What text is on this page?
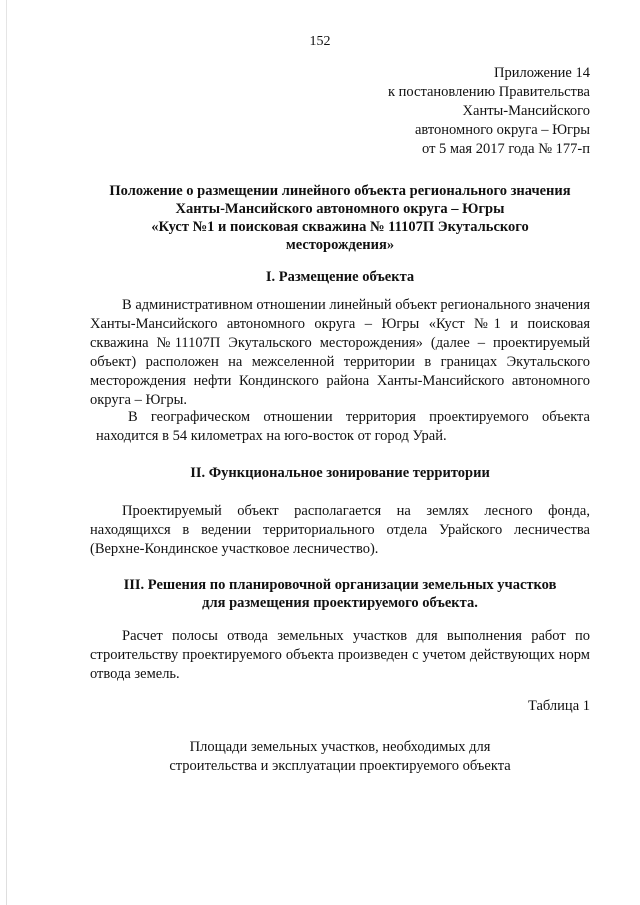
152
Приложение 14
к постановлению Правительства
Ханты-Мансийского
автономного округа – Югры
от 5 мая 2017 года № 177-п
Положение о размещении линейного объекта регионального значения
Ханты-Мансийского автономного округа – Югры
«Куст №1 и поисковая скважина № 11107П Экутальского
месторождения»
I. Размещение объекта
В административном отношении линейный объект регионального значения Ханты-Мансийского автономного округа – Югры «Куст №1 и поисковая скважина №11107П Экутальского месторождения» (далее – проектируемый объект) расположен на межселенной территории в границах Экутальского месторождения нефти Кондинского района Ханты-Мансийского автономного округа – Югры.
В географическом отношении территория проектируемого объекта находится в 54 километрах на юго-восток от город Урай.
II. Функциональное зонирование территории
Проектируемый объект располагается на землях лесного фонда, находящихся в ведении территориального отдела Урайского лесничества (Верхне-Кондинское участковое лесничество).
III. Решения по планировочной организации земельных участков
для размещения проектируемого объекта.
Расчет полосы отвода земельных участков для выполнения работ по строительству проектируемого объекта произведен с учетом действующих норм отвода земель.
Таблица 1
Площади земельных участков, необходимых для
строительства и эксплуатации проектируемого объекта
